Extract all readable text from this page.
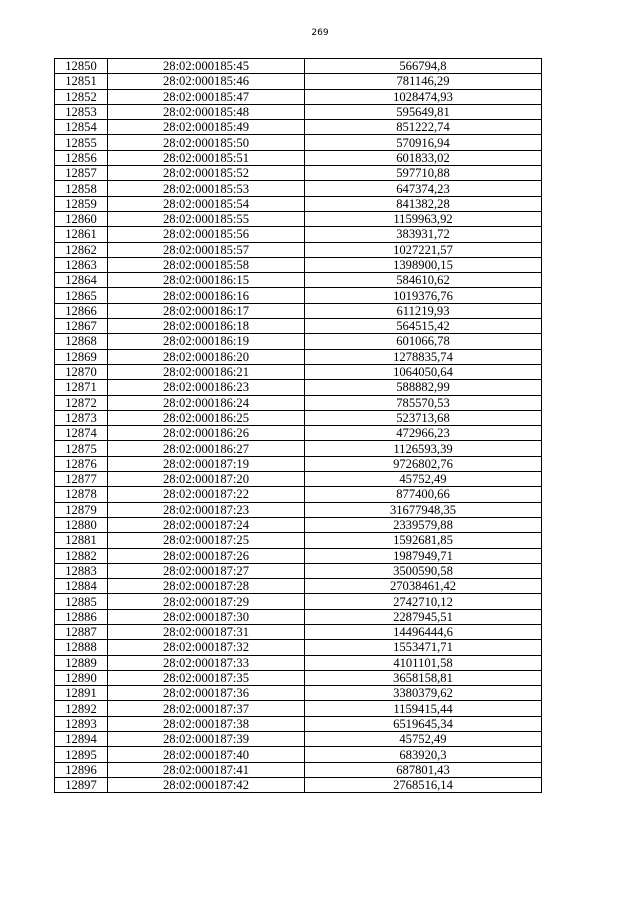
269
12850	28:02:000185:45	566794,8
12851	28:02:000185:46	781146,29
12852	28:02:000185:47	1028474,93
12853	28:02:000185:48	595649,81
12854	28:02:000185:49	851222,74
12855	28:02:000185:50	570916,94
12856	28:02:000185:51	601833,02
12857	28:02:000185:52	597710,88
12858	28:02:000185:53	647374,23
12859	28:02:000185:54	841382,28
12860	28:02:000185:55	1159963,92
12861	28:02:000185:56	383931,72
12862	28:02:000185:57	1027221,57
12863	28:02:000185:58	1398900,15
12864	28:02:000186:15	584610,62
12865	28:02:000186:16	1019376,76
12866	28:02:000186:17	611219,93
12867	28:02:000186:18	564515,42
12868	28:02:000186:19	601066,78
12869	28:02:000186:20	1278835,74
12870	28:02:000186:21	1064050,64
12871	28:02:000186:23	588882,99
12872	28:02:000186:24	785570,53
12873	28:02:000186:25	523713,68
12874	28:02:000186:26	472966,23
12875	28:02:000186:27	1126593,39
12876	28:02:000187:19	9726802,76
12877	28:02:000187:20	45752,49
12878	28:02:000187:22	877400,66
12879	28:02:000187:23	31677948,35
12880	28:02:000187:24	2339579,88
12881	28:02:000187:25	1592681,85
12882	28:02:000187:26	1987949,71
12883	28:02:000187:27	3500590,58
12884	28:02:000187:28	27038461,42
12885	28:02:000187:29	2742710,12
12886	28:02:000187:30	2287945,51
12887	28:02:000187:31	14496444,6
12888	28:02:000187:32	1553471,71
12889	28:02:000187:33	4101101,58
12890	28:02:000187:35	3658158,81
12891	28:02:000187:36	3380379,62
12892	28:02:000187:37	1159415,44
12893	28:02:000187:38	6519645,34
12894	28:02:000187:39	45752,49
12895	28:02:000187:40	683920,3
12896	28:02:000187:41	687801,43
12897	28:02:000187:42	2768516,14
